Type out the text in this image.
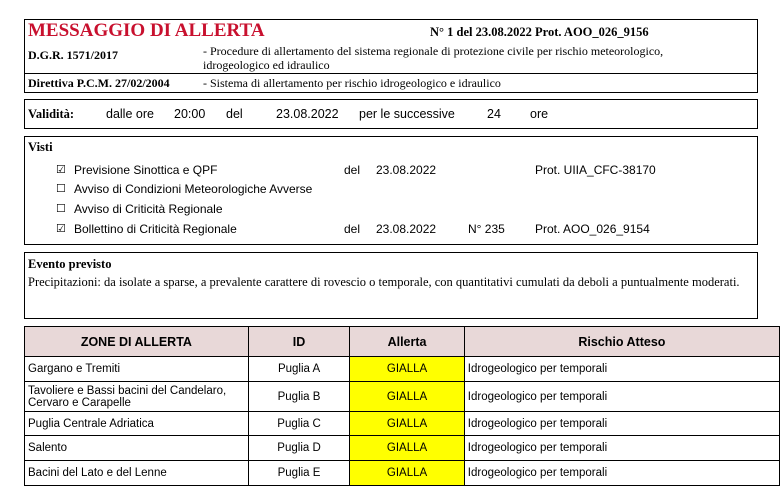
MESSAGGIO DI ALLERTA	N° 1 del 23.08.2022 Prot. AOO_026_9156
D.G.R. 1571/2017	- Procedure di allertamento del sistema regionale di protezione civile per rischio meteorologico,
idrogeologico ed idraulico
Direttiva P.C.M. 27/02/2004	- Sistema di allertamento per rischio idrogeologico e idraulico
Validità:	dalle ore 20:00 del	23.08.2022 per le successive	24 ore
Visti
☑ Previsione Sinottica e QPF	del 23.08.2022	Prot. UIIA_CFC-38170
☐ Avviso di Condizioni Meteorologiche Avverse
☐ Avviso di Criticità Regionale
☑ Bollettino di Criticità Regionale	del 23.08.2022	N° 235	Prot. AOO_026_9154
Evento previsto
Precipitazioni: da isolate a sparse, a prevalente carattere di rovescio o temporale, con quantitativi cumulati da deboli a puntualmente moderati.
ZONE DI ALLERTA	ID	Allerta	Rischio Atteso
Gargano e Tremiti	Puglia A	GIALLA	Idrogeologico per temporali
Tavoliere e Bassi bacini del Candelaro, Cervaro e Carapelle	Puglia B	GIALLA	Idrogeologico per temporali
Puglia Centrale Adriatica	Puglia C	GIALLA	Idrogeologico per temporali
Salento	Puglia D	GIALLA	Idrogeologico per temporali
Bacini del Lato e del Lenne	Puglia E	GIALLA	Idrogeologico per temporali
